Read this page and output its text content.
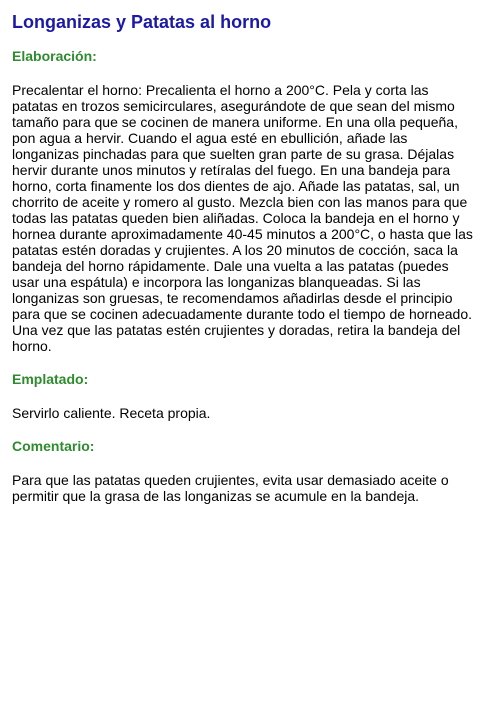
Longanizas y Patatas al horno
Elaboración:

Precalentar el horno: Precalienta el horno a 200°C. Pela y corta las patatas en trozos semicirculares, asegurándote de que sean del mismo tamaño para que se cocinen de manera uniforme. En una olla pequeña, pon agua a hervir. Cuando el agua esté en ebullición, añade las longanizas pinchadas para que suelten gran parte de su grasa. Déjalas hervir durante unos minutos y retíralas del fuego. En una bandeja para horno, corta finamente los dos dientes de ajo. Añade las patatas, sal, un chorrito de aceite y romero al gusto. Mezcla bien con las manos para que todas las patatas queden bien aliñadas. Coloca la bandeja en el horno y hornea durante aproximadamente 40-45 minutos a 200°C, o hasta que las patatas estén doradas y crujientes. A los 20 minutos de cocción, saca la bandeja del horno rápidamente. Dale una vuelta a las patatas (puedes usar una espátula) e incorpora las longanizas blanqueadas. Si las longanizas son gruesas, te recomendamos añadirlas desde el principio para que se cocinen adecuadamente durante todo el tiempo de horneado. Una vez que las patatas estén crujientes y doradas, retira la bandeja del horno.

Emplatado:

Servirlo caliente. Receta propia.

Comentario:

Para que las patatas queden crujientes, evita usar demasiado aceite o permitir que la grasa de las longanizas se acumule en la bandeja.
